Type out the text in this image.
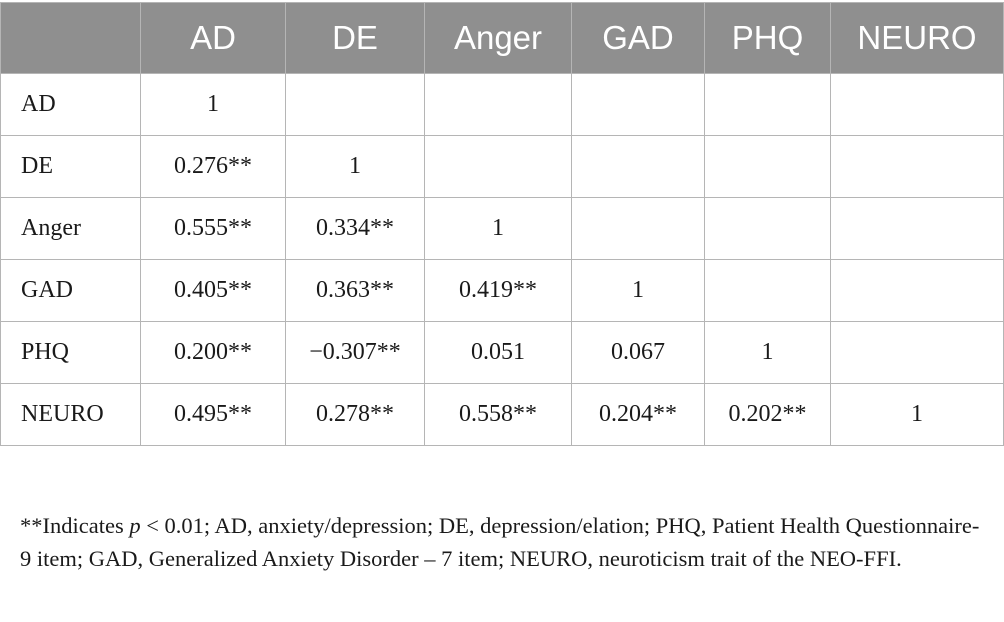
	AD	DE	Anger	GAD	PHQ	NEURO
AD	1					
DE	0.276**	1				
Anger	0.555**	0.334**	1			
GAD	0.405**	0.363**	0.419**	1		
PHQ	0.200**	−0.307**	0.051	0.067	1	
NEURO	0.495**	0.278**	0.558**	0.204**	0.202**	1

**Indicates p < 0.01; AD, anxiety/depression; DE, depression/elation; PHQ, Patient Health Questionnaire-9 item; GAD, Generalized Anxiety Disorder – 7 item; NEURO, neuroticism trait of the NEO-FFI.
